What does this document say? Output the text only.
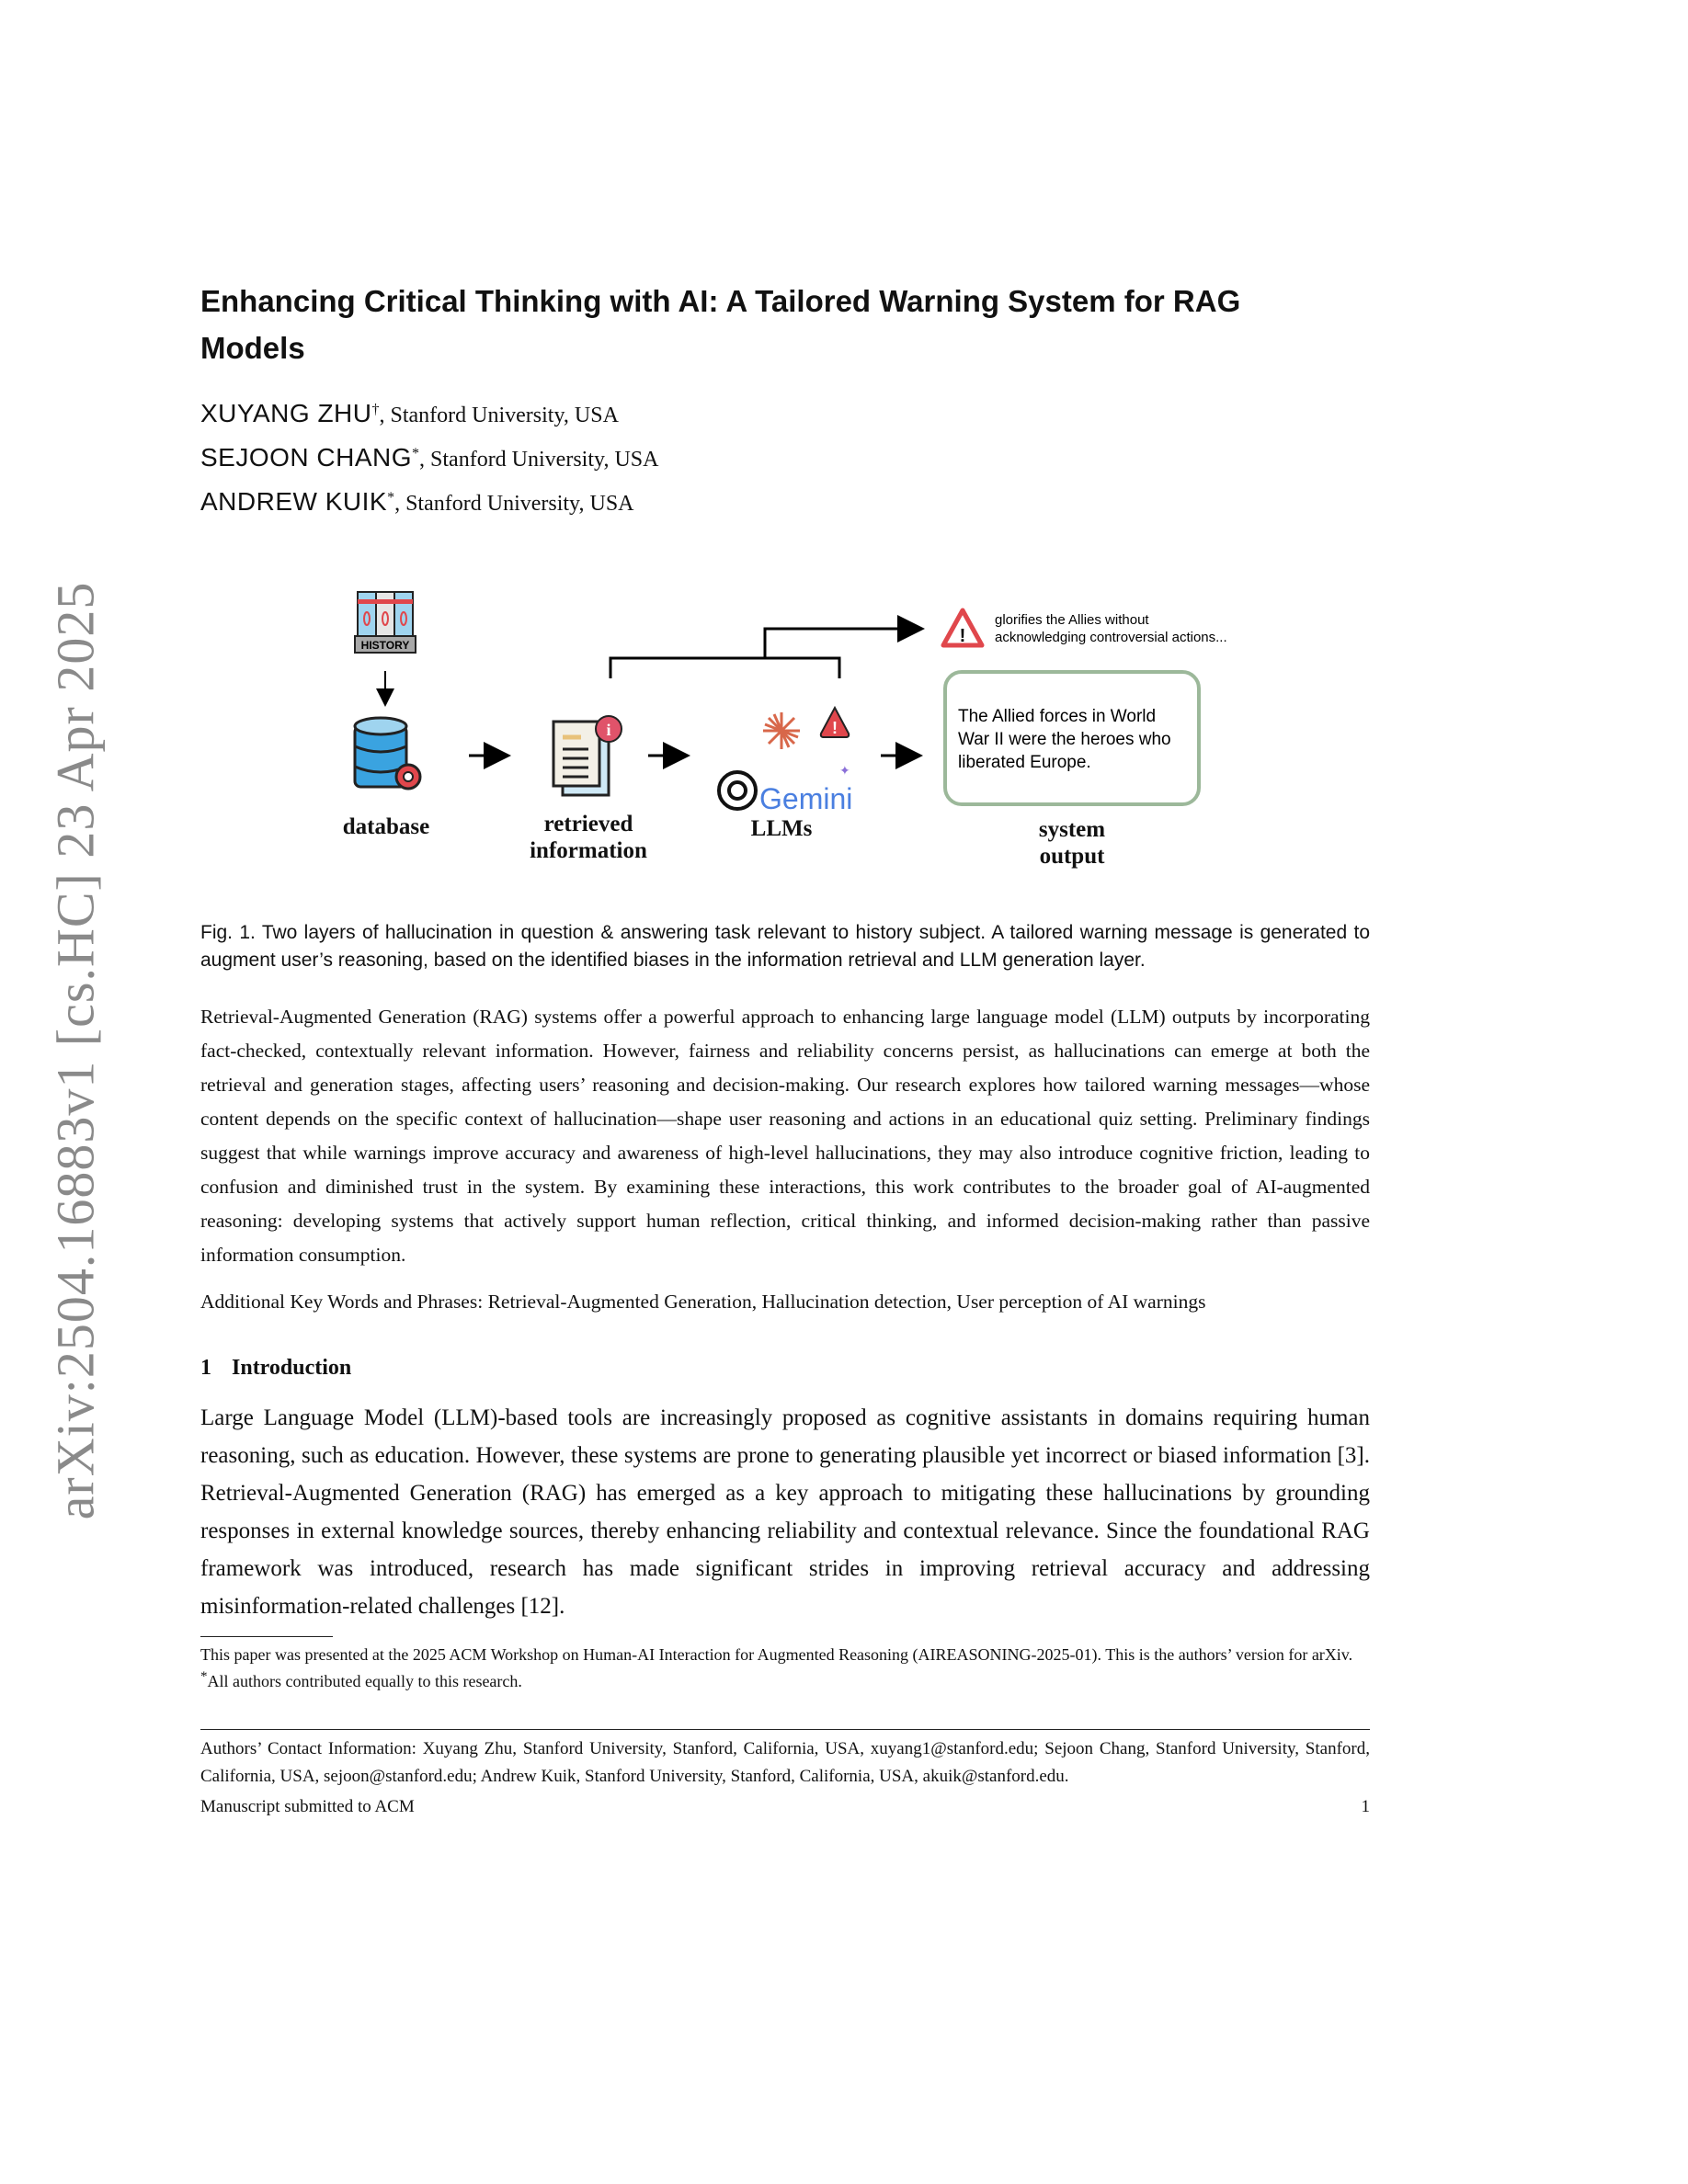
arXiv:2504.16883v1 [cs.HC] 23 Apr 2025
Enhancing Critical Thinking with AI: A Tailored Warning System for RAG Models
XUYANG ZHU†, Stanford University, USA
SEJOON CHANG*, Stanford University, USA
ANDREW KUIK*, Stanford University, USA
HISTORY
i	!
Gemini
✦
!
glorifies the Allies without
acknowledging controversial actions...
The Allied forces in World
War II were the heroes who
liberated Europe.
database	retrieved
information
LLMs	system
output
Fig. 1. Two layers of hallucination in question & answering task relevant to history subject. A tailored warning message is generated to augment user’s reasoning, based on the identified biases in the information retrieval and LLM generation layer.
Retrieval-Augmented Generation (RAG) systems offer a powerful approach to enhancing large language model (LLM) outputs by incorporating fact-checked, contextually relevant information. However, fairness and reliability concerns persist, as hallucinations can emerge at both the retrieval and generation stages, affecting users’ reasoning and decision-making. Our research explores how tailored warning messages—whose content depends on the specific context of hallucination—shape user reasoning and actions in an educational quiz setting. Preliminary findings suggest that while warnings improve accuracy and awareness of high-level hallucinations, they may also introduce cognitive friction, leading to confusion and diminished trust in the system. By examining these interactions, this work contributes to the broader goal of AI-augmented reasoning: developing systems that actively support human reflection, critical thinking, and informed decision-making rather than passive information consumption.
Additional Key Words and Phrases: Retrieval-Augmented Generation, Hallucination detection, User perception of AI warnings
1 Introduction
Large Language Model (LLM)-based tools are increasingly proposed as cognitive assistants in domains requiring human reasoning, such as education. However, these systems are prone to generating plausible yet incorrect or biased information [3]. Retrieval-Augmented Generation (RAG) has emerged as a key approach to mitigating these hallucinations by grounding responses in external knowledge sources, thereby enhancing reliability and contextual relevance. Since the foundational RAG framework was introduced, research has made significant strides in improving retrieval accuracy and addressing misinformation-related challenges [12].
This paper was presented at the 2025 ACM Workshop on Human-AI Interaction for Augmented Reasoning (AIREASONING-2025-01). This is the authors’ version for arXiv.
*All authors contributed equally to this research.
Authors’ Contact Information: Xuyang Zhu, Stanford University, Stanford, California, USA, xuyang1@stanford.edu; Sejoon Chang, Stanford University, Stanford, California, USA, sejoon@stanford.edu; Andrew Kuik, Stanford University, Stanford, California, USA, akuik@stanford.edu.
Manuscript submitted to ACM	1
